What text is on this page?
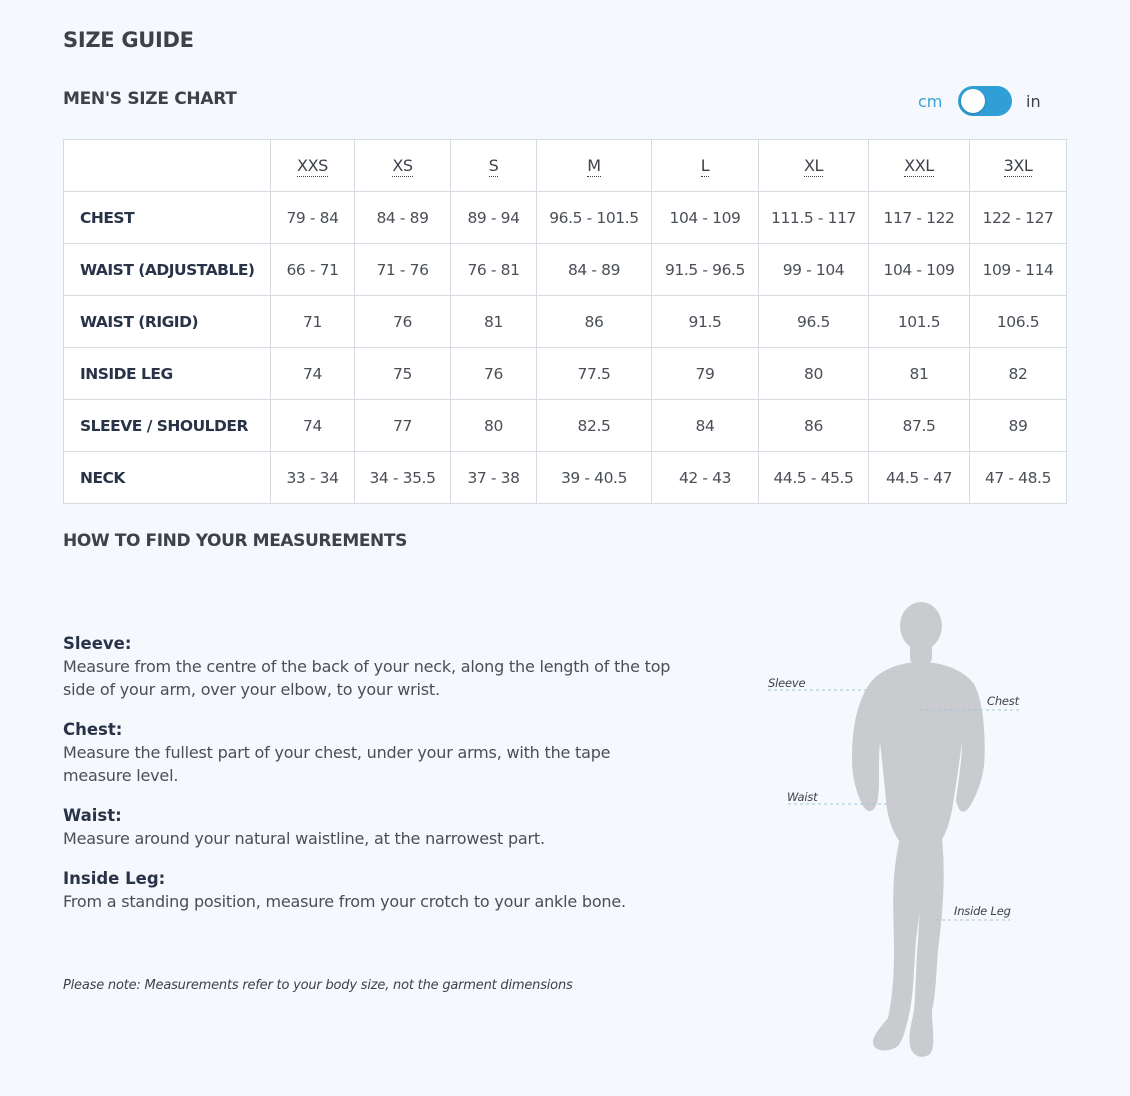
SIZE GUIDE
MEN'S SIZE CHART	cm	in
	XXS	XS	S	M	L	XL	XXL	3XL
CHEST	79 - 84	84 - 89	89 - 94	96.5 - 101.5	104 - 109	111.5 - 117	117 - 122	122 - 127
WAIST (ADJUSTABLE)	66 - 71	71 - 76	76 - 81	84 - 89	91.5 - 96.5	99 - 104	104 - 109	109 - 114
WAIST (RIGID)	71	76	81	86	91.5	96.5	101.5	106.5
INSIDE LEG	74	75	76	77.5	79	80	81	82
SLEEVE / SHOULDER	74	77	80	82.5	84	86	87.5	89
NECK	33 - 34	34 - 35.5	37 - 38	39 - 40.5	42 - 43	44.5 - 45.5	44.5 - 47	47 - 48.5
HOW TO FIND YOUR MEASUREMENTS
Sleeve:
Measure from the centre of the back of your neck, along the length of the top side of your arm, over your elbow, to your wrist.
Chest:
Measure the fullest part of your chest, under your arms, with the tape measure level.
Waist:
Measure around your natural waistline, at the narrowest part.
Inside Leg:
From a standing position, measure from your crotch to your ankle bone.
Please note: Measurements refer to your body size, not the garment dimensions
Sleeve
Chest
Waist
Inside Leg
